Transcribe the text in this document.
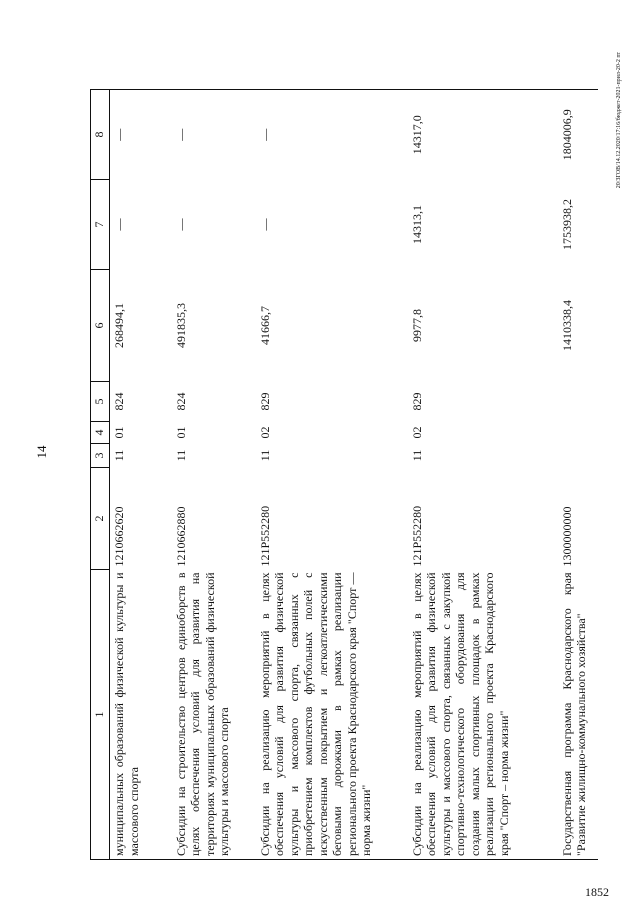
14
20/ЗГОВ/14.12.2020/17:16/бюджет-2021-прил-20-2 пт
1852
1	2	3	4	5	6	7	8
муниципальных образований физической культуры и массового спорта	1210662620	11	01	824	268494,1	—	—
Субсидии на строительство центров единоборств в целях обеспечения условий для развития на территориях муниципальных образований физической культуры и массового спорта	1210662880	11	01	824	491835,3	—	—
Субсидии на реализацию мероприятий в целях обеспечения условий для развития физической культуры и массового спорта, связанных с приобретением комплектов футбольных полей с искусственным покрытием и легкоатлетическими беговыми дорожками в рамках реализации регионального проекта Краснодарского края "Спорт — норма жизни"	121Р552280	11	02	829	41666,7	—	—
Субсидии на реализацию мероприятий в целях обеспечения условий для развития физической культуры и массового спорта, связанных с закупкой спортивно-технологического оборудования для создания малых спортивных площадок в рамках реализации регионального проекта Краснодарского края "Спорт – норма жизни"	121Р552280	11	02	829	9977,8	14313,1	14317,0
Государственная программа Краснодарского края "Развитие жилищно-коммунального хозяйства"	1300000000				1410338,4	1753938,2	1804006,9
